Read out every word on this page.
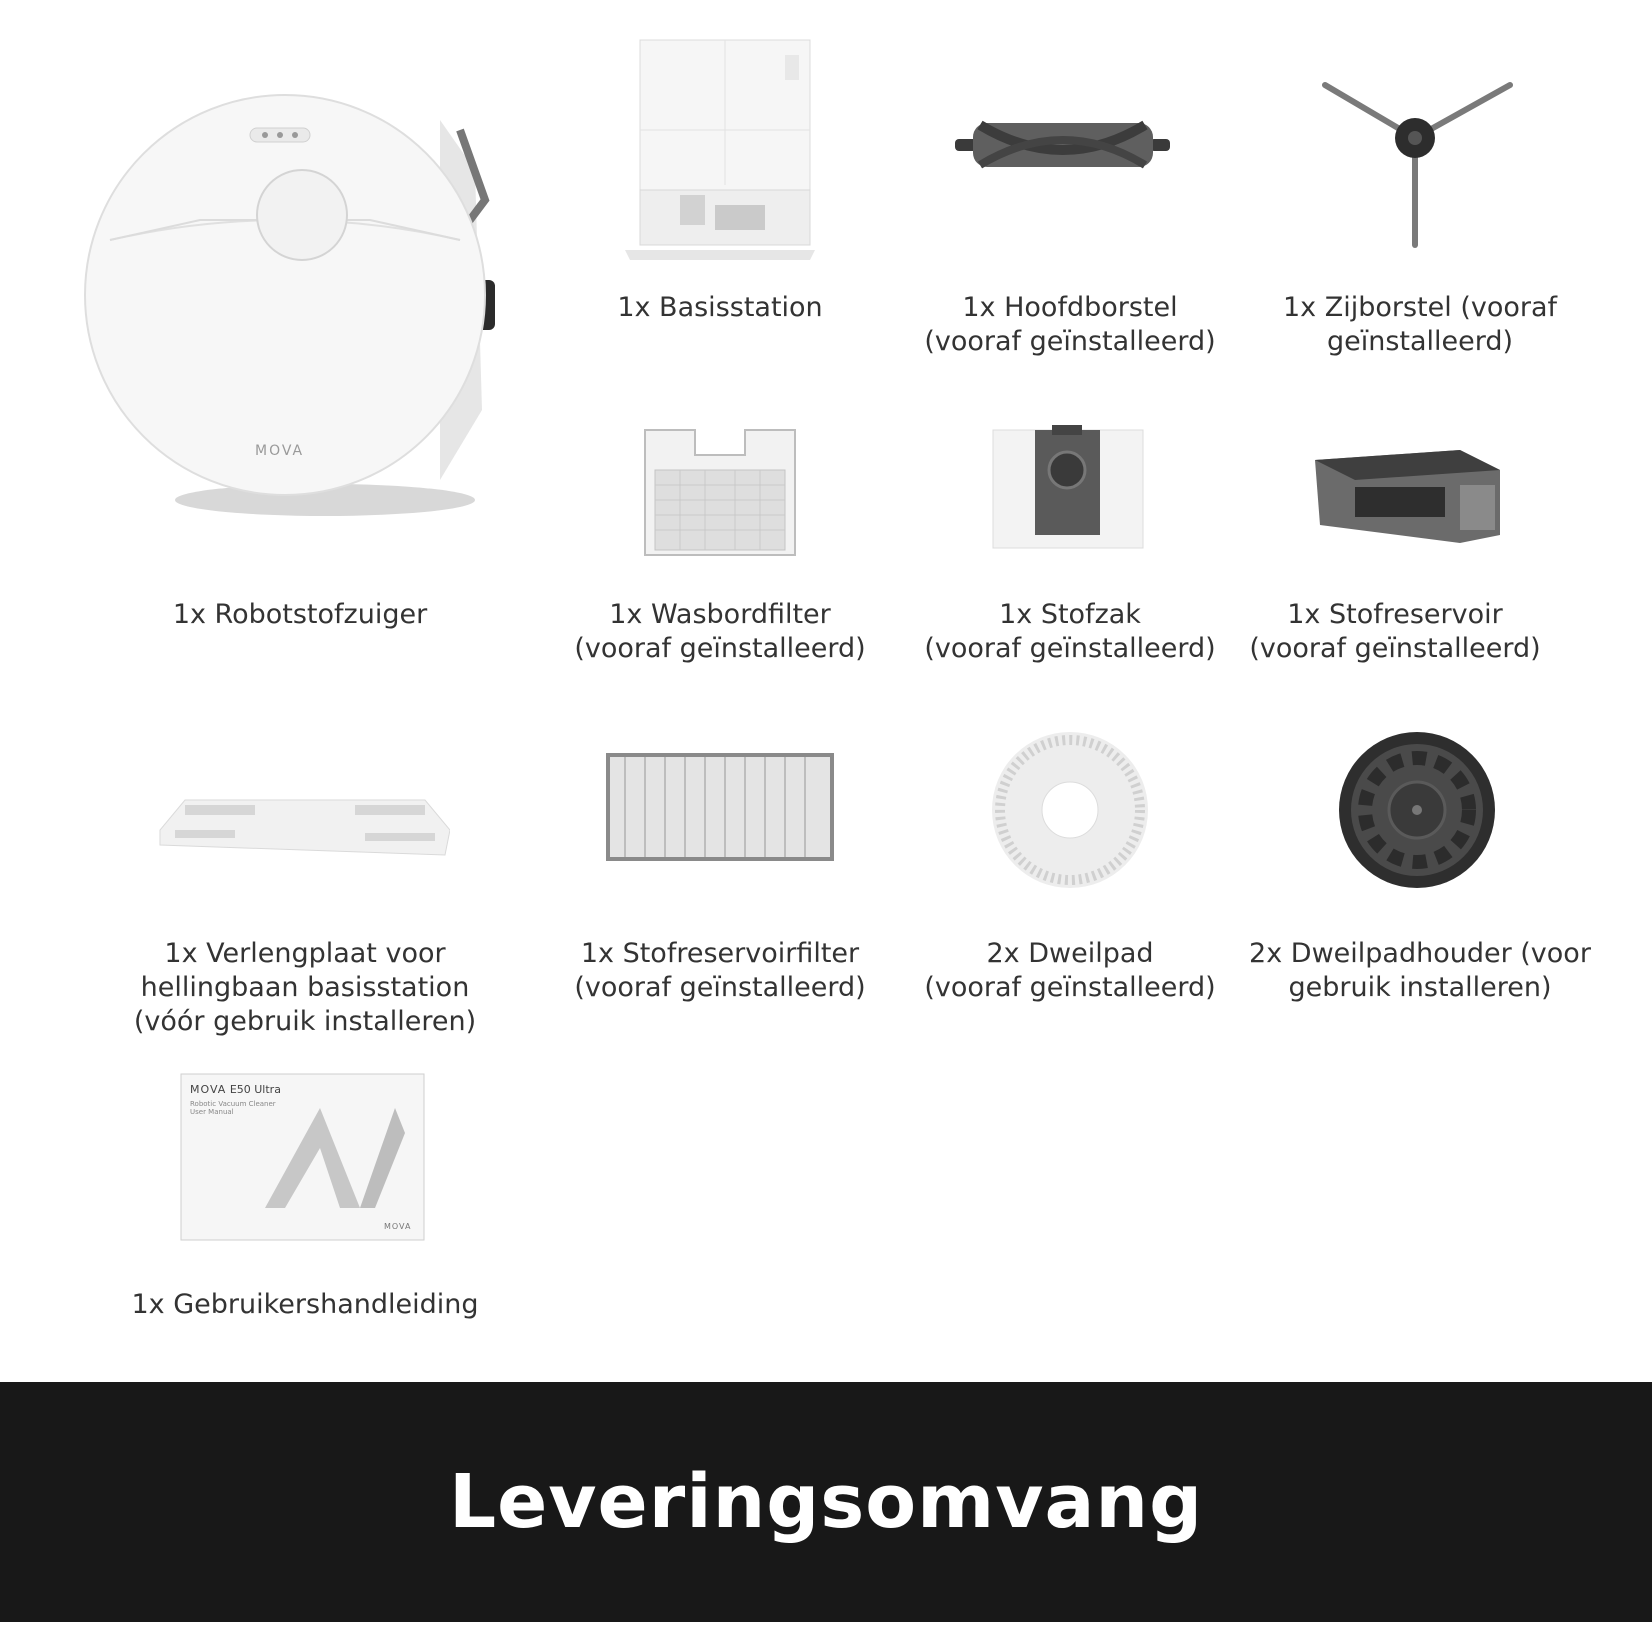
MOVA
1x Robotstofzuiger
1x Basisstation	1x Hoofdborstel
(vooraf geïnstalleerd)
1x Zijborstel (vooraf
geïnstalleerd)
1x Wasbordfilter
(vooraf geïnstalleerd)
1x Stofzak
(vooraf geïnstalleerd)
1x Stofreservoir
(vooraf geïnstalleerd)
1x Verlengplaat voor
hellingbaan basisstation
(vóór gebruik installeren)
1x Stofreservoirfilter
(vooraf geïnstalleerd)
2x Dweilpad
(vooraf geïnstalleerd)
2x Dweilpadhouder (voor
gebruik installeren)
MOVA E50 Ultra
Robotic Vacuum Cleaner
User Manual
MOVA
1x Gebruikershandleiding
Leveringsomvang
